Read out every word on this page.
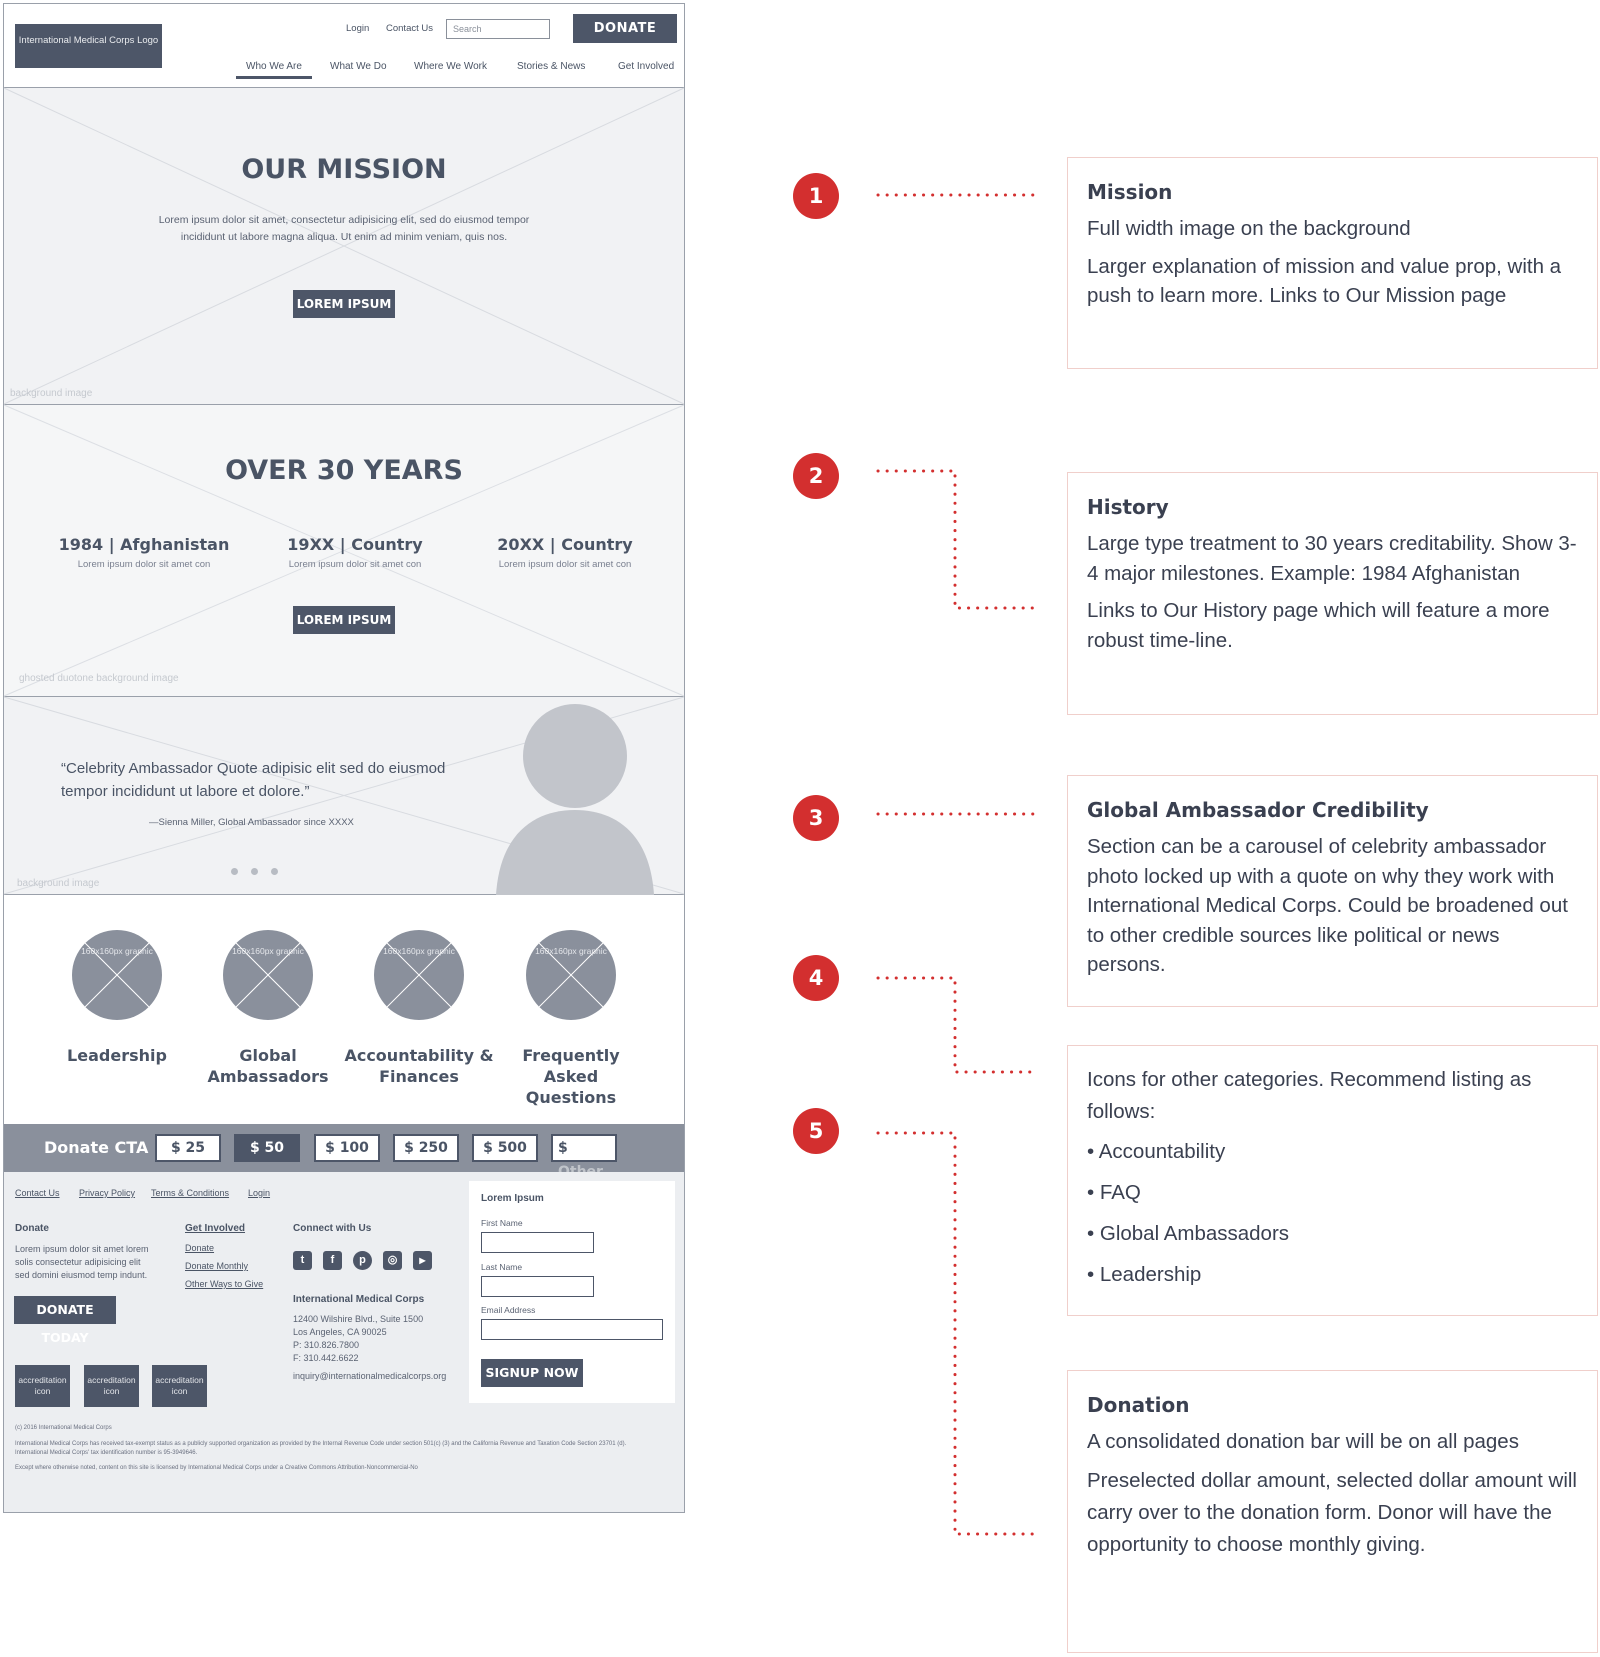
International Medical Corps Logo
Login Contact Us	Search	DONATE TODAY
Who We Are	What We Do	Where We Work	Stories & News	Get Involved
OUR MISSION
Lorem ipsum dolor sit amet, consectetur adipisicing elit, sed do eiusmod tempor
incididunt ut labore magna aliqua. Ut enim ad minim veniam, quis nos.
LOREM IPSUM
background image
OVER 30 YEARS
1984 | Afghanistan
Lorem ipsum dolor sit amet con
19XX | Country
Lorem ipsum dolor sit amet con
20XX | Country
Lorem ipsum dolor sit amet con
LOREM IPSUM
ghosted duotone background image
“Celebrity Ambassador Quote adipisic elit sed do eiusmod tempor incididunt ut labore et dolore.”
—Sienna Miller, Global Ambassador since XXXX
background image
160x160px graphic	160x160px graphic	160x160px graphic	160x160px graphic
Leadership	Global Ambassadors
Accountability & Finances
Frequently Asked Questions
Donate CTA	$ 25	$ 50	$ 100	$ 250	$ 500	$
Contact Us Privacy Policy Terms & Conditions Login
Donate
Lorem ipsum dolor sit amet lorem solis consectetur adipisicing elit sed domini eiusmod temp indunt.
DONATE TODAY
Get Involved
Donate
Donate Monthly
Other Ways to Give
Connect with Us
t	f	p	◎	▶
International Medical Corps
12400 Wilshire Blvd., Suite 1500
Los Angeles, CA 90025
P: 310.826.7800
F: 310.442.6622
inquiry@internationalmedicalcorps.org
accreditation icon
accreditation icon
accreditation icon
Lorem Ipsum
First Name
Last Name
Email Address
SIGNUP NOW
(c) 2016 International Medical Corps
International Medical Corps has received tax-exempt status as a publicly supported organization as provided by the Internal Revenue Code under section 501(c) (3) and the California Revenue and Taxation Code Section 23701 (d). International Medical Corps' tax identification number is 95-3949646.
Except where otherwise noted, content on this site is licensed by International Medical Corps under a Creative Commons Attribution-Noncommercial-No
1
2
3
4
5
Mission

Full width image on the background

Larger explanation of mission and value prop, with a push to learn more. Links to Our Mission page

History

Large type treatment to 30 years creditability. Show 3-4 major milestones. Example: 1984 Afghanistan

Links to Our History page which will feature a more robust time-line.

Global Ambassador Credibility

Section can be a carousel of celebrity ambassador photo locked up with a quote on why they work with International Medical Corps. Could be broadened out to other credible sources like political or news persons.

Icons for other categories. Recommend listing as follows:

• Accountability
• FAQ
• Global Ambassadors
• Leadership
Donation

A consolidated donation bar will be on all pages

Preselected dollar amount, selected dollar amount will carry over to the donation form. Donor will have the opportunity to choose monthly giving.
